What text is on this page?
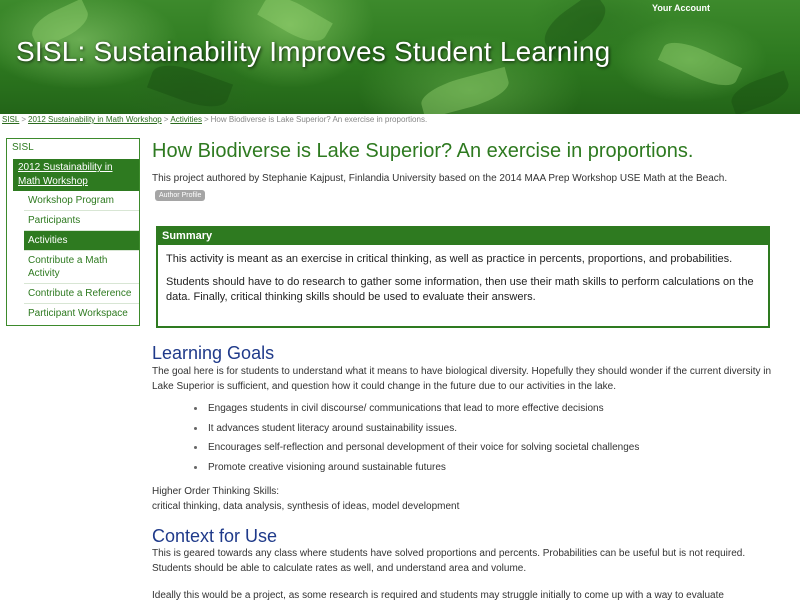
Your Account
SISL: Sustainability Improves Student Learning
SISL > 2012 Sustainability in Math Workshop > Activities > How Biodiverse is Lake Superior? An exercise in proportions.
SISL
2012 Sustainability in Math Workshop
Workshop Program
Participants
Activities
Contribute a Math Activity
Contribute a Reference
Participant Workspace
How Biodiverse is Lake Superior? An exercise in proportions.
This project authored by Stephanie Kajpust, Finlandia University based on the 2014 MAA Prep Workshop USE Math at the Beach.
Author Profile
Summary

This activity is meant as an exercise in critical thinking, as well as practice in percents, proportions, and probabilities.

Students should have to do research to gather some information, then use their math skills to perform calculations on the data. Finally, critical thinking skills should be used to evaluate their answers.

Learning Goals

The goal here is for students to understand what it means to have biological diversity. Hopefully they should wonder if the current diversity in Lake Superior is sufficient, and question how it could change in the future due to our activities in the lake.

Engages students in civil discourse/ communications that lead to more effective decisions
It advances student literacy around sustainability issues.
Encourages self-reflection and personal development of their voice for solving societal challenges
Promote creative visioning around sustainable futures

Higher Order Thinking Skills:

critical thinking, data analysis, synthesis of ideas, model development

Context for Use

This is geared towards any class where students have solved proportions and percents. Probabilities can be useful but is not required. Students should be able to calculate rates as well, and understand area and volume.

Ideally this would be a project, as some research is required and students may struggle initially to come up with a way to evaluate
